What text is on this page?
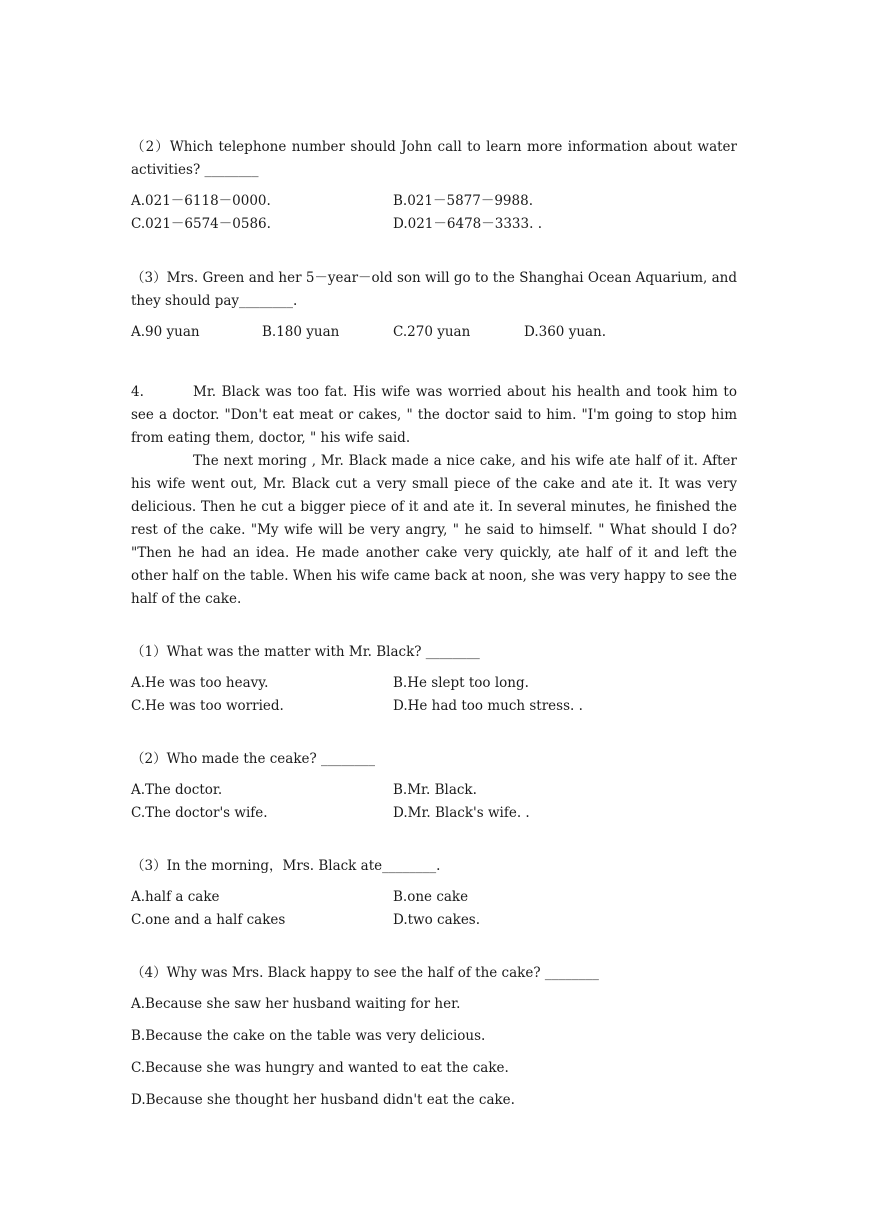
（2）Which telephone number should John call to learn more information about water activities? ________

A.021－6118－0000.	B.021－5877－9988.
C.021－6574－0586.	D.021－6478－3333. .

（3）Mrs. Green and her 5－year－old son will go to the Shanghai Ocean Aquarium, and they should pay________.

A.90 yuan	B.180 yuan	C.270 yuan	D.360 yuan.

4.	Mr. Black was too fat. His wife was worried about his health and took him to see a doctor. "Don't eat meat or cakes, " the doctor said to him. "I'm going to stop him from eating them, doctor, " his wife said.

The next moring , Mr. Black made a nice cake, and his wife ate half of it. After his wife went out, Mr. Black cut a very small piece of the cake and ate it. It was very delicious. Then he cut a bigger piece of it and ate it. In several minutes, he finished the rest of the cake. "My wife will be very angry, " he said to himself. " What should I do? "Then he had an idea. He made another cake very quickly, ate half of it and left the other half on the table. When his wife came back at noon, she was very happy to see the half of the cake.

（1）What was the matter with Mr. Black? ________

A.He was too heavy.	B.He slept too long.
C.He was too worried.	D.He had too much stress. .

（2）Who made the ceake? ________

A.The doctor.	B.Mr. Black.
C.The doctor's wife.	D.Mr. Black's wife. .

（3）In the morning，Mrs. Black ate________.

A.half a cake	B.one cake
C.one and a half cakes	D.two cakes.

（4）Why was Mrs. Black happy to see the half of the cake? ________

A.Because she saw her husband waiting for her.
B.Because the cake on the table was very delicious.
C.Because she was hungry and wanted to eat the cake.
D.Because she thought her husband didn't eat the cake.
